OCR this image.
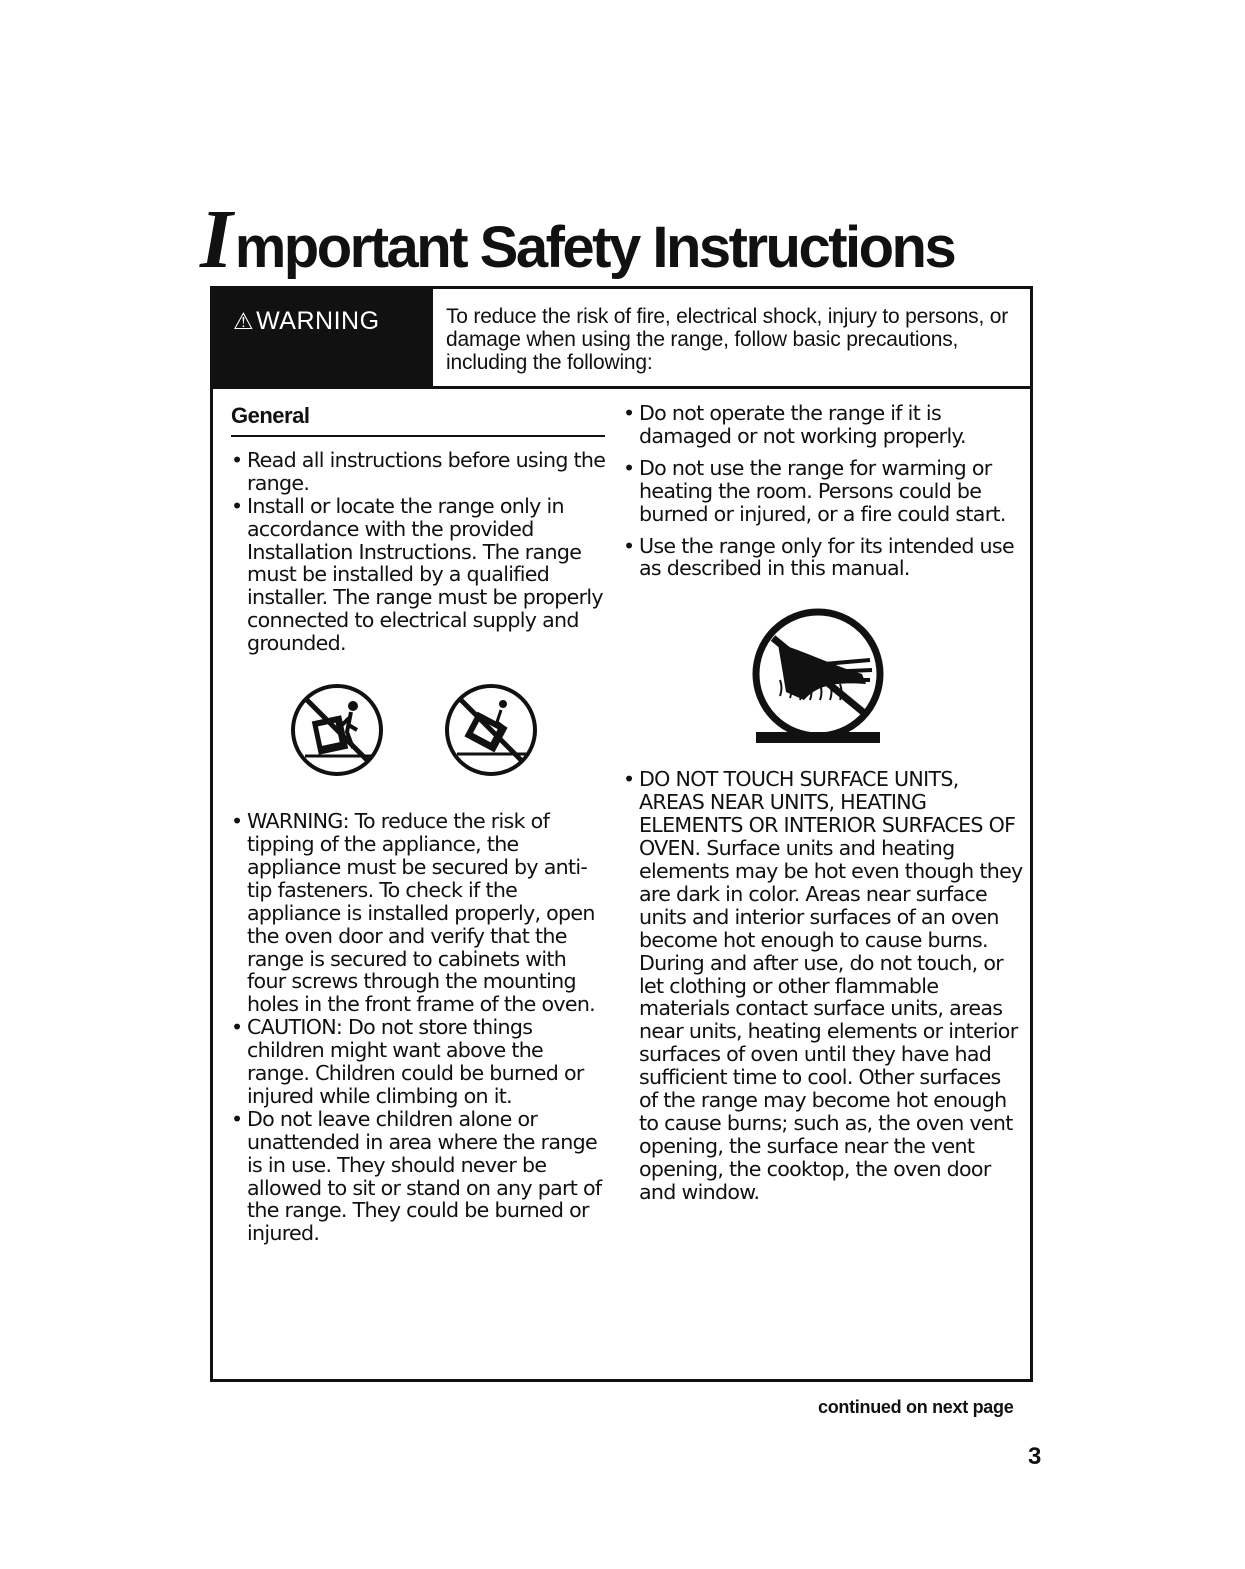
Important Safety Instructions
⚠WARNING	To reduce the risk of fire, electrical shock, injury to persons, or damage when using the range, follow basic precautions, including the following:
General

• Read all instructions before using the range.

• Install or locate the range only in accordance with the provided Installation Instructions. The range must be installed by a qualified installer. The range must be properly connected to electrical supply and grounded.

• WARNING: To reduce the risk of tipping of the appliance, the appliance must be secured by anti-tip fasteners. To check if the appliance is installed properly, open the oven door and verify that the range is secured to cabinets with four screws through the mounting holes in the front frame of the oven.

• CAUTION: Do not store things children might want above the range. Children could be burned or injured while climbing on it.

• Do not leave children alone or unattended in area where the range is in use. They should never be allowed to sit or stand on any part of the range. They could be burned or injured.

• Do not operate the range if it is damaged or not working properly.

• Do not use the range for warming or heating the room. Persons could be burned or injured, or a fire could start.

• Use the range only for its intended use as described in this manual.

• DO NOT TOUCH SURFACE UNITS, AREAS NEAR UNITS, HEATING ELEMENTS OR INTERIOR SURFACES OF OVEN. Surface units and heating elements may be hot even though they are dark in color. Areas near surface units and interior surfaces of an oven become hot enough to cause burns. During and after use, do not touch, or let clothing or other flammable materials contact surface units, areas near units, heating elements or interior surfaces of oven until they have had sufficient time to cool. Other surfaces of the range may become hot enough to cause burns; such as, the oven vent opening, the surface near the vent opening, the cooktop, the oven door and window.

continued on next page
3
